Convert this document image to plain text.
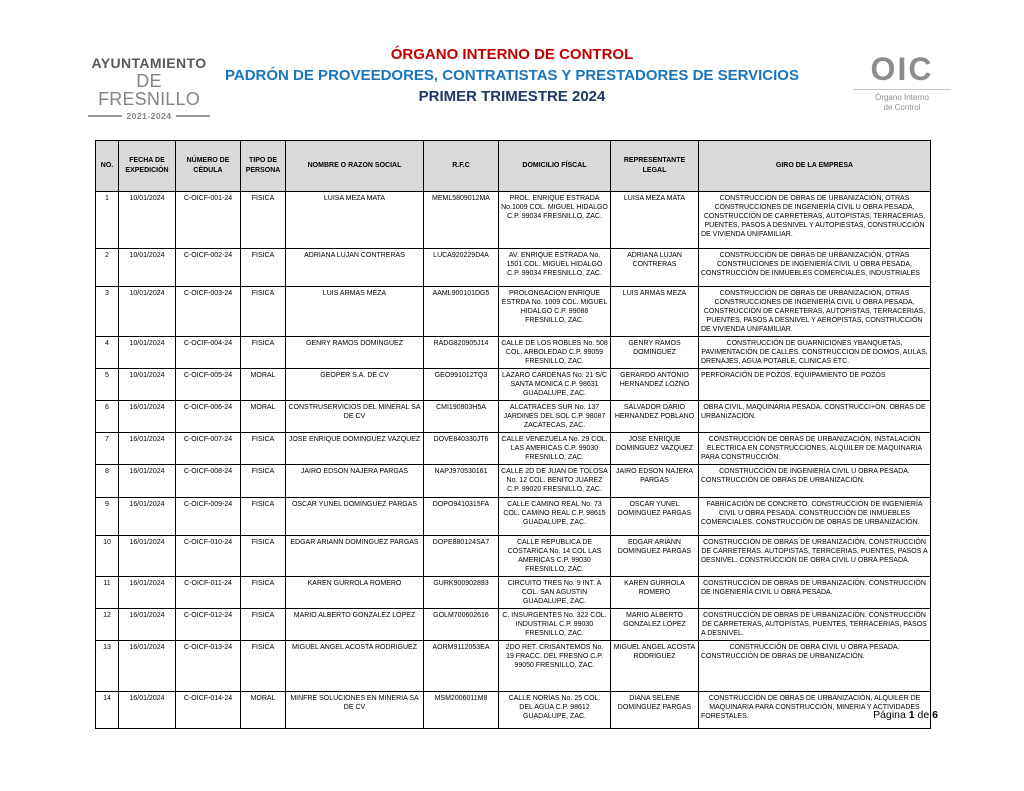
AYUNTAMIENTO
DE FRESNILLO
2021-2024
ÓRGANO INTERNO DE CONTROL
PADRÓN DE PROVEEDORES, CONTRATISTAS Y PRESTADORES DE SERVICIOS
PRIMER TRIMESTRE 2024
OIC
Órgano Interno
de Control
NO.	FECHA DE EXPEDICIÓN	NÚMERO DE CÉDULA	TIPO DE PERSONA	NOMBRE O RAZON SOCIAL	R.F.C	DOMICILIO FÍSCAL	REPRESENTANTE LEGAL	GIRO DE LA EMPRESA
1	10/01/2024	C-OICF-001-24	FISICA	LUISA MEZA MATA	MEML5809012MA	PROL. ENRIQUE ESTRADA No.1009 COL. MIGUEL HIDALGO C.P. 99034 FRESNILLO, ZAC.	LUISA MEZA MATA	CONSTRUCCION DE OBRAS DE URBANIZACIÓN, OTRAS CONSTRUCCIONES DE INGENIERÍA CIVIL U OBRA PESADA, CONSTRUCCIÓN DE CARRETERAS, AUTOPISTAS, TERRACERIAS, PUENTES, PASOS A DESNIVEL Y AUTOPIESTAS, CONSTRUCCIÓN DE VIVIENDA UNIFAMILIAR.
2	10/01/2024	C-OICF-002-24	FISICA	ADRIANA LUJAN CONTRERAS	LUCA920229D4A	AV. ENRIQUE ESTRADA No. 1501 COL. MIGUEL HIDALGO C.P. 99034 FRESNILLO, ZAC.	ADRIANA LUJAN CONTRERAS	CONSTRUCCION DE OBRAS DE URBANIZACIÓN, OTRAS CONSTRUCIONES DE INGENIERÍA CIVIL U OBRA PESADA, CONSTRUCCIÓN DE INMUEBLES COMERCIALES, INDUSTRIALES
3	10/01/2024	C-OICF-003-24	FISICA	LUIS ARMAS MEZA	AAML900101DG5	PROLONGACION ENRIQUE ESTRDA No. 1009 COL. MIGUEL HIDALGO C.P. 99088 FRESNILLO, ZAC.	LUIS ARMAS MEZA	CONSTRUCCIÓN DE OBRAS DE URBANIZACIÓN, OTRAS CONSTRUCCIONES DE INGENIERÍA CIVIL U OBRA PESADA, CONSTRUCCIÓN DE CARRETERAS, AUTOPISTAS, TERRACERIAS, PUENTES, PASOS A DESNIVEL Y AEROPISTAS, CONSTRUCCIÓN DE VIVIENDA UNIFAMILIAR.
4	10/01/2024	C-OCIF-004-24	FISICA	GENRY RAMOS DOMINGUEZ	RADG820905J14	CALLE DE LOS ROBLES No. 508 COL. ARBOLEDAD C.P. 99059 FRESNILLO, ZAC.	GENRY RAMOS DOMINGUEZ	CONSTRUCCIÓN DE GUARNICIONES YBANQUETAS, PAVIMENTACIÓN DE CALLES. CONSTRUCCION DE DOMOS, AULAS, DRENAJES, AGUA POTABLE, CLINICAS ETC.
5	10/01/2024	C-OICF-005-24	MORAL	GEOPER S.A. DE CV	GEO991012TQ3	LAZARO CARDENAS No. 21 S/C SANTA MONICA C.P. 98631 GUADALUPE, ZAC.	GERARDO ANTONIO HERNANDEZ LOZNO	PERFORACIÓN DE POZOS. EQUIPAMIENTO DE POZOS
6	16/01/2024	C-OICF-006-24	MORAL	CONSTRUSERVICIOS DEL MINERAL SA DE CV	CMI190903H5A	ALCATRACES SUR No. 137 JARDINES DEL SOL C.P. 98087 ZACATECAS, ZAC.	SALVADOR DARIO HERNANDEZ POBLANO	OBRA CIVIL, MAQUINARIA PESADA. CONSTRUCCI+ÓN. OBRAS DE URBANIZACIÓN.
7	16/01/2024	C-OICF-007-24	FISICA	JOSE ENRIQUE DOMINGUEZ VAZQUEZ	DOVE840330JT6	CALLE VENEZUELA No. 29 COL. LAS AMERICAS C.P. 99030 FRESNILLO, ZAC.	JOSE ENRIQUE DOMINGUEZ VAZQUEZ	CONSTRUCCIÓN DE OBRAS DE URBANIZACIÓN, INSTALACIÓN ELECTRICA EN CONSTRUCCIONES, ALQUILER DE MAQUINARIA PARA CONSTRUCCIÓN.
8	16/01/2024	C-OICF-008-24	FISICA	JAIRO EDSON NAJERA PARGAS	NAPJ970530161	CALLE 2D DE JUAN DE TOLOSA No. 12 COL. BENITO JUAREZ C.P. 99020 FRESNILLO, ZAC.	JAIRO EDSON NAJERA PARGAS	CONSTRUCCIÓN DE INGENIERÍA CIVIL U OBRA PESADA. CONSTRUCCIÓN DE OBRAS DE URBANIZACIÓN.
9	16/01/2024	C-OICF-009-24	FISICA	OSCAR YUNEL DOMINGUEZ PARGAS	DOPO9410315FA	CALLE CAMINO REAL No. 73 COL. CAMINO REAL C.P. 98615 GUADALUPE, ZAC.	OSCAR YUNEL DOMINGUEZ PARGAS	FABRICACIÓN DE CONCRETO. CONSTRUCCIÓN DE INGENIERÍA CIVIL U OBRA PESADA. CONSTRUCCIÓN DE INMUEBLES COMERCIALES. CONSTRUCCIÓN DE OBRAS DE URBANIZACIÓN.
10	16/01/2024	C-OICF-010-24	FISICA	EDGAR ARIANN DOMINGUEZ PARGAS	DOPE880124SA7	CALLE REPUBLICA DE COSTARICA No. 14 COL LAS AMERICAS C.P. 99030 FRESNILLO, ZAC.	EDGAR ARIANN DOMINGUEZ PARGAS	CONSTRUCCIÓN DE OBRAS DE URBANIZACIÓN. CONSTRUCCIÓN DE CARRETERAS. AUTOPISTAS, TERRCERIAS, PUENTES, PASOS A DESNIVEL. CONSTRUCCIÓN DE OBRA CIVIL U OBRA PESADA.
11	16/01/2024	C-OICF-011-24	FISICA	KAREN GURROLA ROMERO	GURK900902893	CIRCUITO TRES No. 9 INT. A COL. SAN AGUSTIN GUADALUPE, ZAC.	KAREN GURROLA ROMERO	CONSTRUCCIÓN DE OBRAS DE URBANIZACIÓN. CONSTRUCCIÓN DE INGENIERÍA CIVIL U OBRA PESADA.
12	16/01/2024	C-OICF-012-24	FISICA	MARIO ALBERTO GONZALEZ LOPEZ	GOLM700602616	C. INSURGENTES No. 322 COL. INDUSTRIAL C.P. 99030 FRESNILLO, ZAC.	MARIO ALBERTO GONZALEZ LOPEZ	CONSTRUCCIÓN DE OBRAS DE URBANIZACIÓN. CONSTRUCCIÓN DE CARRETERAS, AUTOPISTAS, PUENTES, TERRACERIAS, PASOS A DESNIVEL.
13	16/01/2024	C-OICF-013-24	FISICA	MIGUEL ANGEL ACOSTA RODRIGUEZ	AORM9112053EA	2DO RET. CRISANTEMOS No. 19 FRACC. DEL FRESNO C.P. 99050 FRESNILLO, ZAC.	MIGUEL ANGEL ACOSTA RODRIGUEZ	CONSTRUCCIÓN DE OBRA CIVIL U OBRA PESADA. CONSTRUCCIÓN DE OBRAS DE URBANIZACIÓN.
14	16/01/2024	C-OICF-014-24	MORAL	MINFRE SOLUCIONES EN MINERIA SA DE CV	MSM2006011M8	CALLE NORIAS No. 25 COL. DEL AGUA C.P. 98612 GUADALUPE, ZAC.	DIANA SELENE DOMINGUEZ PARGAS	CONSTRUCCIÓN DE OBRAS DE URBANIZACIÓN, ALQUILER DE MAQUINARIA PARA CONSTRUCCIÓN, MINERIA Y ACTIVIDADES FORESTALES.	Página 1 de 6
